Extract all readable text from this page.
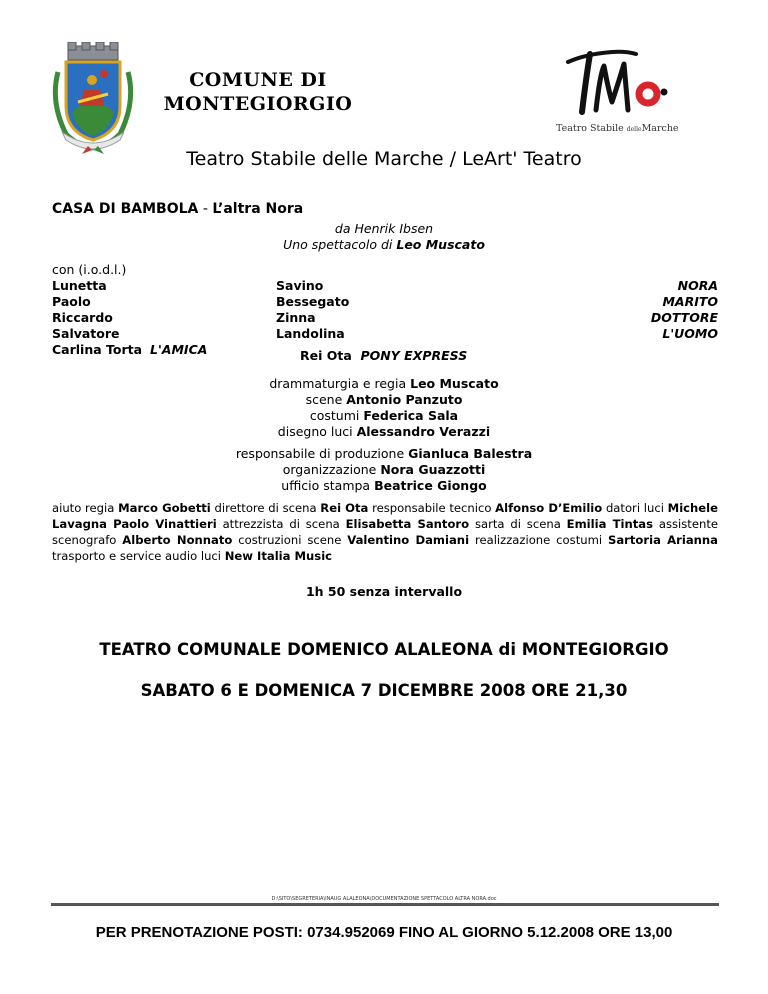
COMUNE DI
MONTEGIORGIO
Teatro Stabile delleMarche
Teatro Stabile delle Marche / LeArt' Teatro
CASA DI BAMBOLA - L’altra Nora
da Henrik Ibsen
Uno spettacolo di Leo Muscato
con (i.o.d.l.)
Lunetta
Paolo
Riccardo
Salvatore
Carlina Torta L'AMICA
Savino
Bessegato
Zinna
Landolina
NORA
MARITO
DOTTORE
L'UOMO
Rei Ota PONY EXPRESS
drammaturgia e regia Leo Muscato
scene Antonio Panzuto
costumi Federica Sala
disegno luci Alessandro Verazzi
responsabile di produzione Gianluca Balestra
organizzazione Nora Guazzotti
ufficio stampa Beatrice Giongo
aiuto regia Marco Gobetti direttore di scena Rei Ota responsabile tecnico Alfonso D’Emilio datori luci Michele Lavagna Paolo Vinattieri attrezzista di scena Elisabetta Santoro sarta di scena Emilia Tintas assistente scenografo Alberto Nonnato costruzioni scene Valentino Damiani realizzazione costumi Sartoria Arianna trasporto e service audio luci New Italia Music
1h 50 senza intervallo
TEATRO COMUNALE DOMENICO ALALEONA di MONTEGIORGIO
SABATO 6 E DOMENICA 7 DICEMBRE 2008 ORE 21,30
D:\SITO\SEGRETERIA\INAUG ALALEONA\DOCUMENTAZIONE SPETTACOLO ALTRA NORA.doc
PER PRENOTAZIONE POSTI: 0734.952069 FINO AL GIORNO 5.12.2008 ORE 13,00
